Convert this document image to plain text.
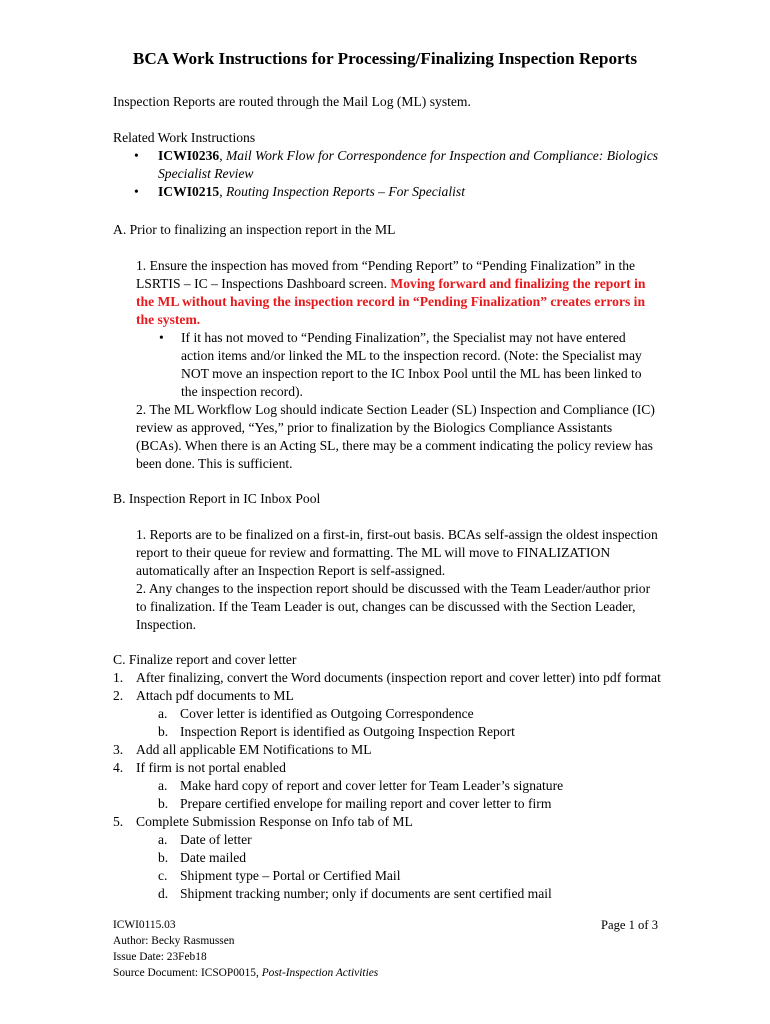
BCA Work Instructions for Processing/Finalizing Inspection Reports

Inspection Reports are routed through the Mail Log (ML) system.

Related Work Instructions

• ICWI0236, Mail Work Flow for Correspondence for Inspection and Compliance: Biologics Specialist Review
• ICWI0215, Routing Inspection Reports – For Specialist

A. Prior to finalizing an inspection report in the ML

1. Ensure the inspection has moved from “Pending Report” to “Pending Finalization” in the LSRTIS – IC – Inspections Dashboard screen. Moving forward and finalizing the report in the ML without having the inspection record in “Pending Finalization” creates errors in the system.

• If it has not moved to “Pending Finalization”, the Specialist may not have entered action items and/or linked the ML to the inspection record. (Note: the Specialist may NOT move an inspection report to the IC Inbox Pool until the ML has been linked to the inspection record).

2. The ML Workflow Log should indicate Section Leader (SL) Inspection and Compliance (IC) review as approved, “Yes,” prior to finalization by the Biologics Compliance Assistants (BCAs). When there is an Acting SL, there may be a comment indicating the policy review has been done. This is sufficient.

B. Inspection Report in IC Inbox Pool

1. Reports are to be finalized on a first-in, first-out basis. BCAs self-assign the oldest inspection report to their queue for review and formatting. The ML will move to FINALIZATION automatically after an Inspection Report is self-assigned.

2. Any changes to the inspection report should be discussed with the Team Leader/author prior to finalization. If the Team Leader is out, changes can be discussed with the Section Leader, Inspection.

C. Finalize report and cover letter

1. After finalizing, convert the Word documents (inspection report and cover letter) into pdf format
2. Attach pdf documents to ML
a. Cover letter is identified as Outgoing Correspondence
b. Inspection Report is identified as Outgoing Inspection Report
3. Add all applicable EM Notifications to ML
4. If firm is not portal enabled
a. Make hard copy of report and cover letter for Team Leader’s signature
b. Prepare certified envelope for mailing report and cover letter to firm
5. Complete Submission Response on Info tab of ML
a. Date of letter
b. Date mailed
c. Shipment type – Portal or Certified Mail
d. Shipment tracking number; only if documents are sent certified mail
Page 1 of 3
ICWI0115.03
Author: Becky Rasmussen
Issue Date: 23Feb18
Source Document: ICSOP0015, Post-Inspection Activities
